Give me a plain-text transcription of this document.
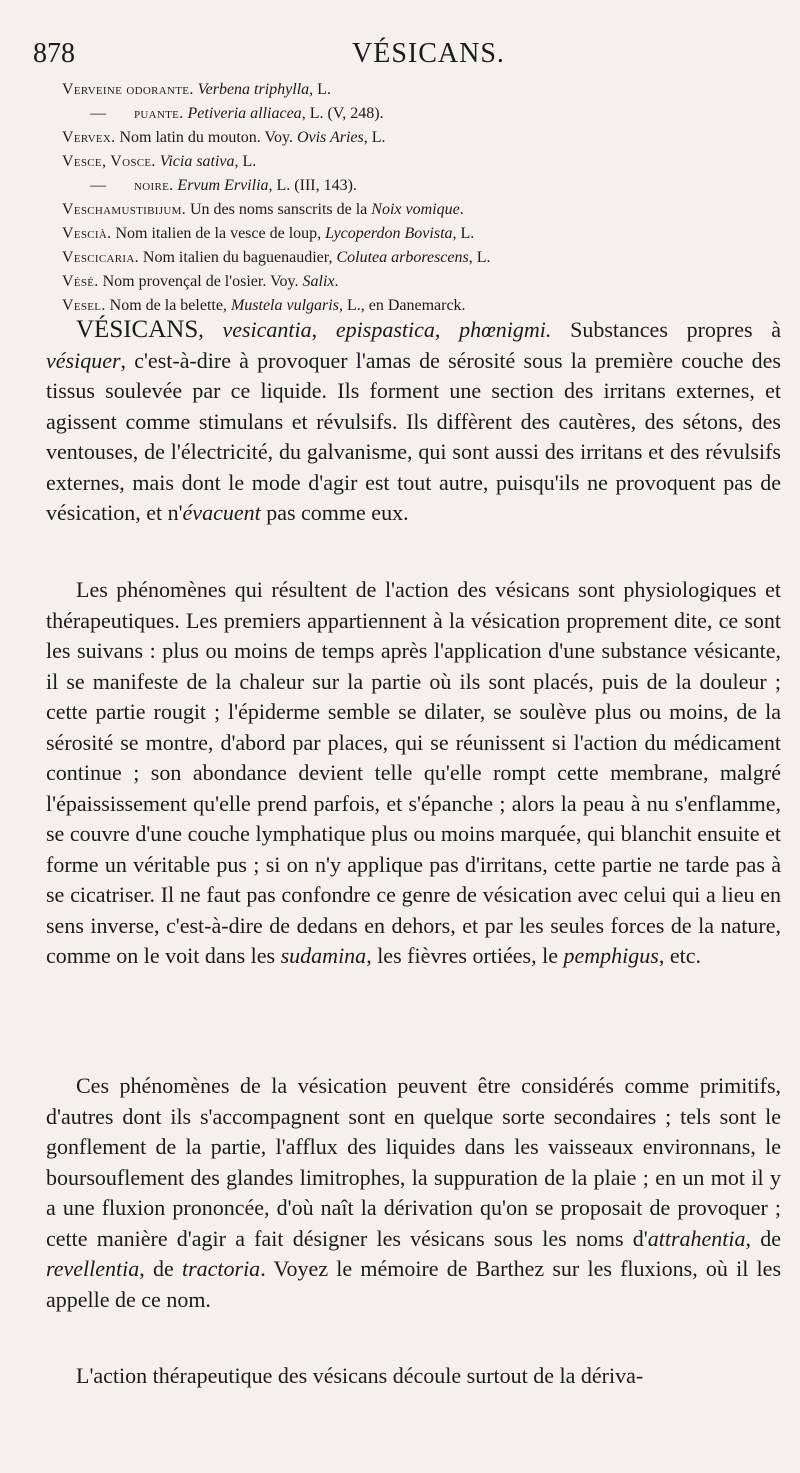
878	VÉSICANS.
Verveine odorante. Verbena triphylla, L.
— puante. Petiveria alliacea, L. (V, 248).
Vervex. Nom latin du mouton. Voy. Ovis Aries, L.
Vesce, Vosce. Vicia sativa, L.
— noire. Ervum Ervilia, L. (III, 143).
Veschamustibijum. Un des noms sanscrits de la Noix vomique.
Vescià. Nom italien de la vesce de loup, Lycoperdon Bovista, L.
Vescicaria. Nom italien du baguenaudier, Colutea arborescens, L.
Vésé. Nom provençal de l'osier. Voy. Salix.
Vesel. Nom de la belette, Mustela vulgaris, L., en Danemarck.

VÉSICANS, vesicantia, epispastica, phœnigmi. Substances propres à vésiquer, c'est-à-dire à provoquer l'amas de sérosité sous la première couche des tissus soulevée par ce liquide. Ils forment une section des irritans externes, et agissent comme stimulans et révulsifs. Ils diffèrent des cautères, des sétons, des ventouses, de l'électricité, du galvanisme, qui sont aussi des irritans et des révulsifs externes, mais dont le mode d'agir est tout autre, puisqu'ils ne provoquent pas de vésication, et n'évacuent pas comme eux.

Les phénomènes qui résultent de l'action des vésicans sont physiologiques et thérapeutiques. Les premiers appartiennent à la vésication proprement dite, ce sont les suivans : plus ou moins de temps après l'application d'une substance vésicante, il se manifeste de la chaleur sur la partie où ils sont placés, puis de la douleur ; cette partie rougit ; l'épiderme semble se dilater, se soulève plus ou moins, de la sérosité se montre, d'abord par places, qui se réunissent si l'action du médicament continue ; son abondance devient telle qu'elle rompt cette membrane, malgré l'épaississement qu'elle prend parfois, et s'épanche ; alors la peau à nu s'enflamme, se couvre d'une couche lymphatique plus ou moins marquée, qui blanchit ensuite et forme un véritable pus ; si on n'y applique pas d'irritans, cette partie ne tarde pas à se cicatriser. Il ne faut pas confondre ce genre de vésication avec celui qui a lieu en sens inverse, c'est-à-dire de dedans en dehors, et par les seules forces de la nature, comme on le voit dans les sudamina, les fièvres ortiées, le pemphigus, etc.

Ces phénomènes de la vésication peuvent être considérés comme primitifs, d'autres dont ils s'accompagnent sont en quelque sorte secondaires ; tels sont le gonflement de la partie, l'afflux des liquides dans les vaisseaux environnans, le boursouflement des glandes limitrophes, la suppuration de la plaie ; en un mot il y a une fluxion prononcée, d'où naît la dérivation qu'on se proposait de provoquer ; cette manière d'agir a fait désigner les vésicans sous les noms d'attrahentia, de revellentia, de tractoria. Voyez le mémoire de Barthez sur les fluxions, où il les appelle de ce nom.

L'action thérapeutique des vésicans découle surtout de la dériva-
